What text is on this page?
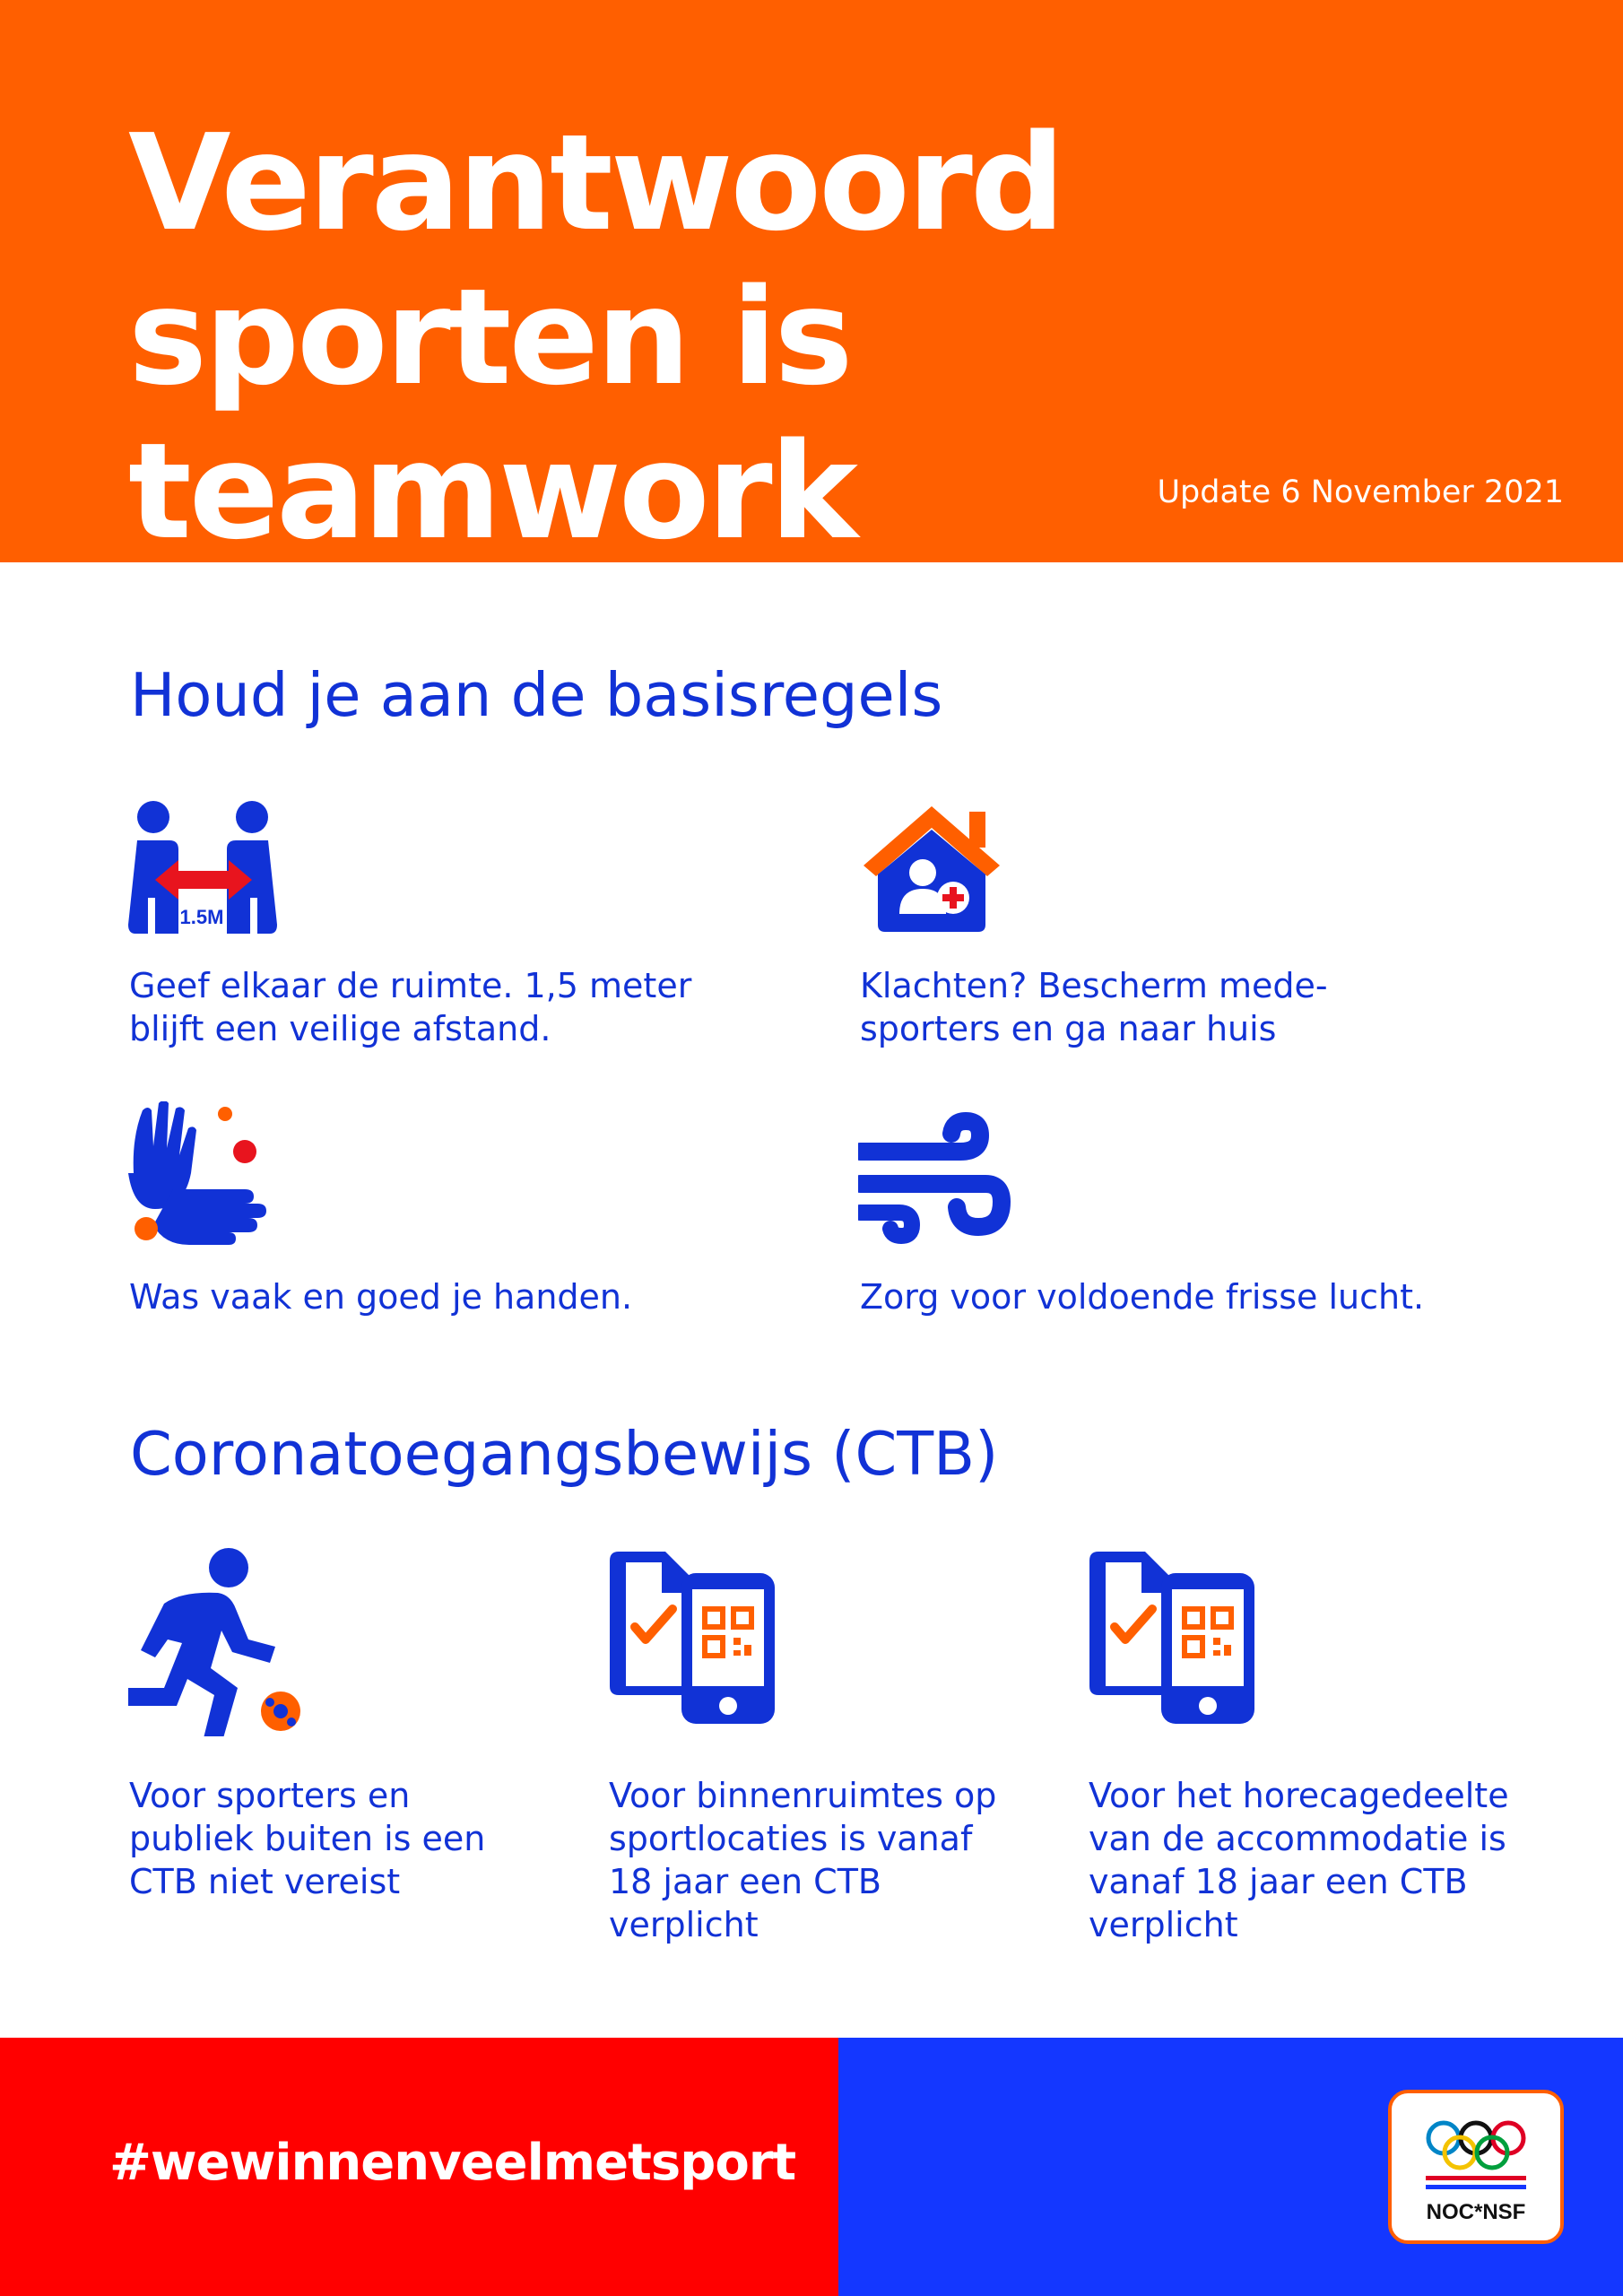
Verantwoord
sporten is teamwork	Update 6 November 2021
Houd je aan de basisregels
1.5M

Geef elkaar de ruimte. 1,5 meter
blijft een veilige afstand.

Klachten? Bescherm mede-
sporters en ga naar huis

Was vaak en goed je handen.	Zorg voor voldoende frisse lucht.

Coronatoegangsbewijs (CTB)

Voor sporters en
publiek buiten is een
CTB niet vereist

Voor binnenruimtes op
sportlocaties is vanaf
18 jaar een CTB
verplicht

Voor het horecagedeelte
van de accommodatie is
vanaf 18 jaar een CTB
verplicht

#wewinnenveelmetsport
NOC*NSF
